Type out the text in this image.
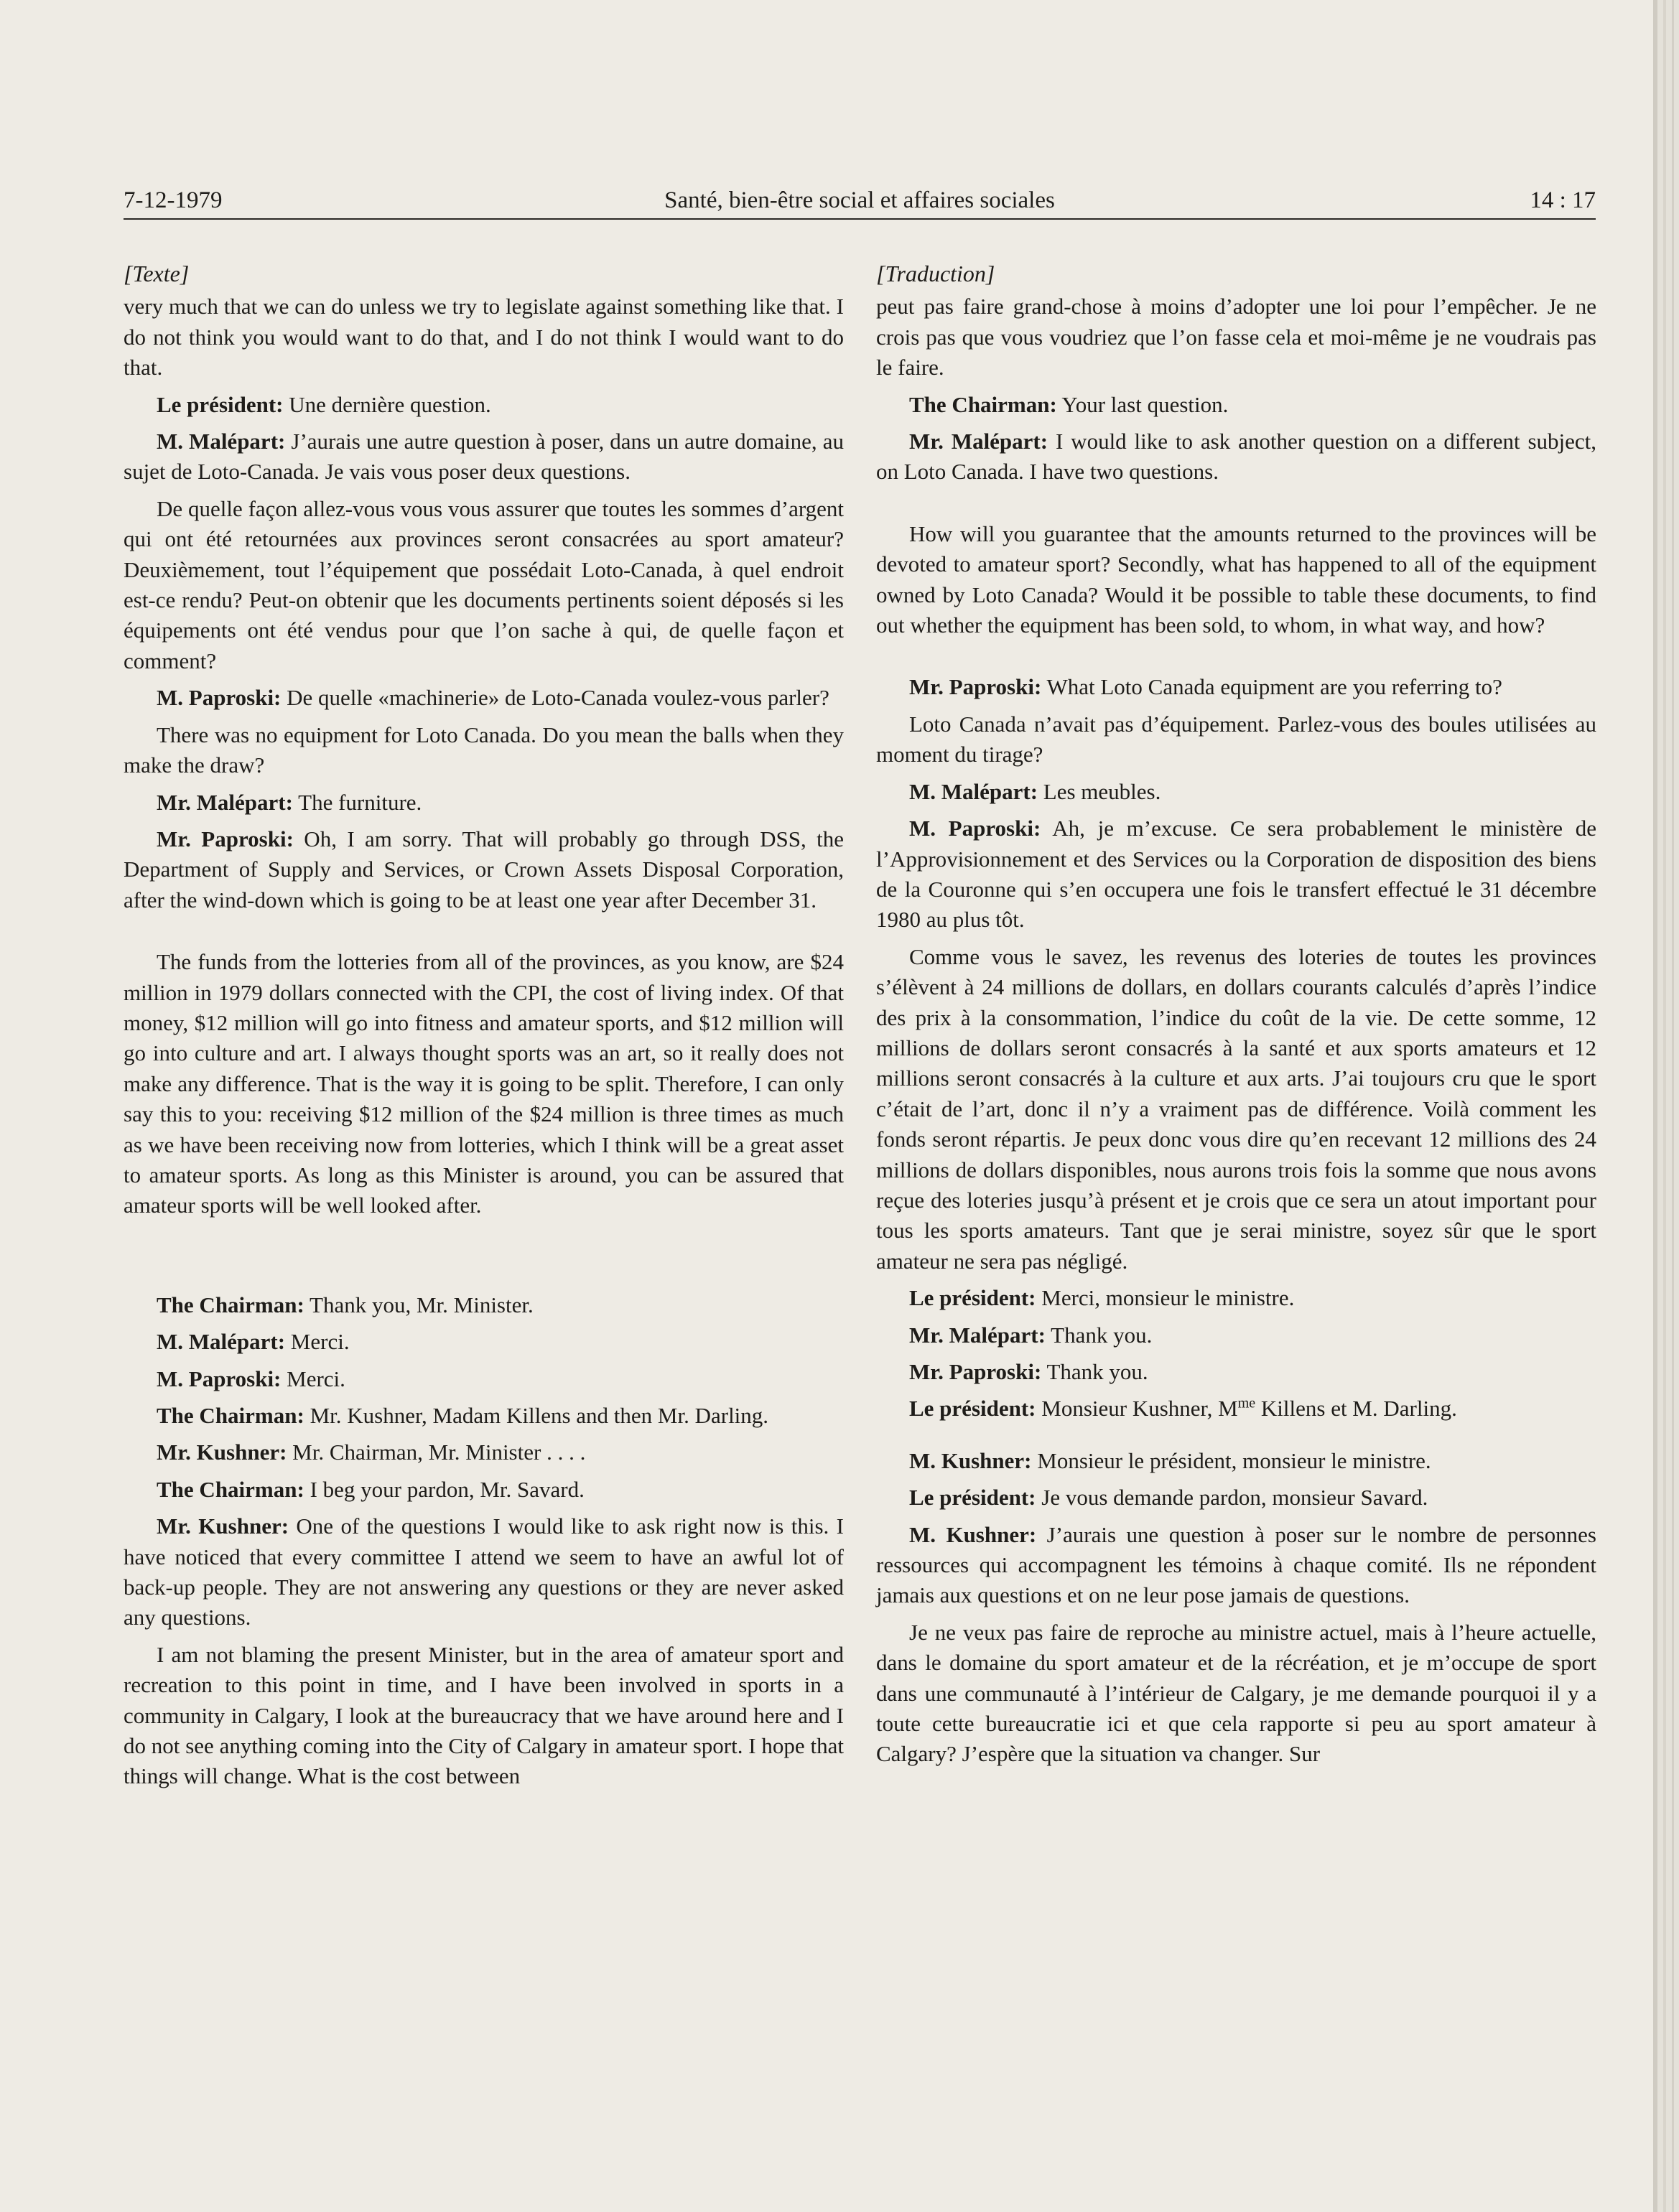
7-12-1979	Santé, bien-être social et affaires sociales	14 : 17
[Texte]

very much that we can do unless we try to legislate against something like that. I do not think you would want to do that, and I do not think I would want to do that.

Le président: Une dernière question.

M. Malépart: J’aurais une autre question à poser, dans un autre domaine, au sujet de Loto-Canada. Je vais vous poser deux questions.

De quelle façon allez-vous vous vous assurer que toutes les sommes d’argent qui ont été retournées aux provinces seront consacrées au sport amateur? Deuxièmement, tout l’équipement que possédait Loto-Canada, à quel endroit est-ce rendu? Peut-on obtenir que les documents pertinents soient déposés si les équipements ont été vendus pour que l’on sache à qui, de quelle façon et comment?

M. Paproski: De quelle «machinerie» de Loto-Canada voulez-vous parler?

There was no equipment for Loto Canada. Do you mean the balls when they make the draw?

Mr. Malépart: The furniture.

Mr. Paproski: Oh, I am sorry. That will probably go through DSS, the Department of Supply and Services, or Crown Assets Disposal Corporation, after the wind-down which is going to be at least one year after December 31.

The funds from the lotteries from all of the provinces, as you know, are $24 million in 1979 dollars connected with the CPI, the cost of living index. Of that money, $12 million will go into fitness and amateur sports, and $12 million will go into culture and art. I always thought sports was an art, so it really does not make any difference. That is the way it is going to be split. Therefore, I can only say this to you: receiving $12 million of the $24 million is three times as much as we have been receiving now from lotteries, which I think will be a great asset to amateur sports. As long as this Minister is around, you can be assured that amateur sports will be well looked after.

The Chairman: Thank you, Mr. Minister.

M. Malépart: Merci.

M. Paproski: Merci.

The Chairman: Mr. Kushner, Madam Killens and then Mr. Darling.

Mr. Kushner: Mr. Chairman, Mr. Minister . . . .

The Chairman: I beg your pardon, Mr. Savard.

Mr. Kushner: One of the questions I would like to ask right now is this. I have noticed that every committee I attend we seem to have an awful lot of back-up people. They are not answering any questions or they are never asked any questions.

I am not blaming the present Minister, but in the area of amateur sport and recreation to this point in time, and I have been involved in sports in a community in Calgary, I look at the bureaucracy that we have around here and I do not see anything coming into the City of Calgary in amateur sport. I hope that things will change. What is the cost between

[Traduction]

peut pas faire grand-chose à moins d’adopter une loi pour l’empêcher. Je ne crois pas que vous voudriez que l’on fasse cela et moi-même je ne voudrais pas le faire.

The Chairman: Your last question.

Mr. Malépart: I would like to ask another question on a different subject, on Loto Canada. I have two questions.

How will you guarantee that the amounts returned to the provinces will be devoted to amateur sport? Secondly, what has happened to all of the equipment owned by Loto Canada? Would it be possible to table these documents, to find out whether the equipment has been sold, to whom, in what way, and how?

Mr. Paproski: What Loto Canada equipment are you referring to?

Loto Canada n’avait pas d’équipement. Parlez-vous des boules utilisées au moment du tirage?

M. Malépart: Les meubles.

M. Paproski: Ah, je m’excuse. Ce sera probablement le ministère de l’Approvisionnement et des Services ou la Corporation de disposition des biens de la Couronne qui s’en occupera une fois le transfert effectué le 31 décembre 1980 au plus tôt.

Comme vous le savez, les revenus des loteries de toutes les provinces s’élèvent à 24 millions de dollars, en dollars courants calculés d’après l’indice des prix à la consommation, l’indice du coût de la vie. De cette somme, 12 millions de dollars seront consacrés à la santé et aux sports amateurs et 12 millions seront consacrés à la culture et aux arts. J’ai toujours cru que le sport c’était de l’art, donc il n’y a vraiment pas de différence. Voilà comment les fonds seront répartis. Je peux donc vous dire qu’en recevant 12 millions des 24 millions de dollars disponibles, nous aurons trois fois la somme que nous avons reçue des loteries jusqu’à présent et je crois que ce sera un atout important pour tous les sports amateurs. Tant que je serai ministre, soyez sûr que le sport amateur ne sera pas négligé.

Le président: Merci, monsieur le ministre.

Mr. Malépart: Thank you.

Mr. Paproski: Thank you.

Le président: Monsieur Kushner, $M^{me}$ Killens et M. Darling.

M. Kushner: Monsieur le président, monsieur le ministre.

Le président: Je vous demande pardon, monsieur Savard.

M. Kushner: J’aurais une question à poser sur le nombre de personnes ressources qui accompagnent les témoins à chaque comité. Ils ne répondent jamais aux questions et on ne leur pose jamais de questions.

Je ne veux pas faire de reproche au ministre actuel, mais à l’heure actuelle, dans le domaine du sport amateur et de la récréation, et je m’occupe de sport dans une communauté à l’intérieur de Calgary, je me demande pourquoi il y a toute cette bureaucratie ici et que cela rapporte si peu au sport amateur à Calgary? J’espère que la situation va changer. Sur
